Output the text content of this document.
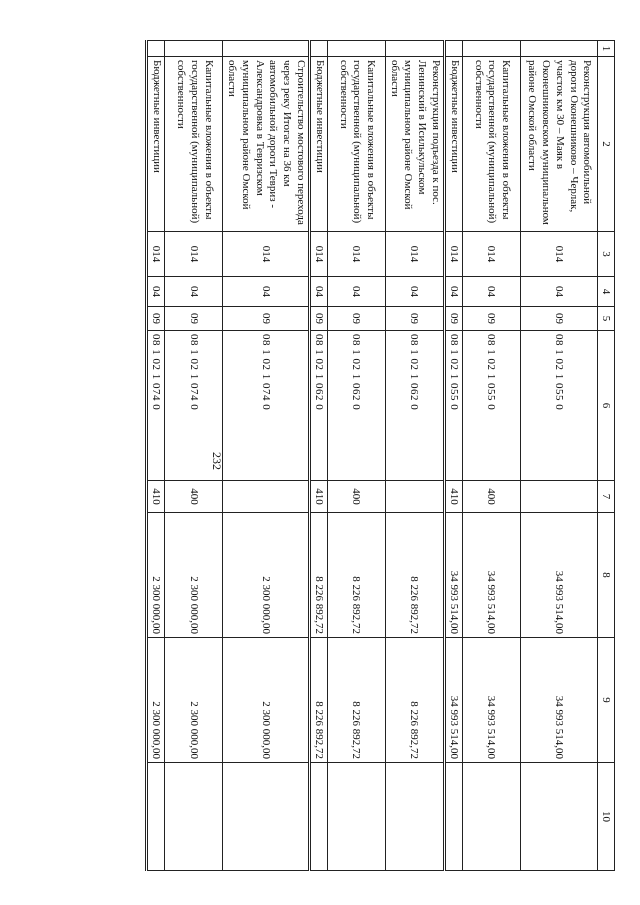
232
1	2	3	4	5	6	7	8	9	10
	Реконструкция автомобильной дороги Оконешниково – Черлак, участок км 30 – Маяк в Оконешниковском муниципальном районе Омской области	014	04	09	08 1 02 1 055 0		34 993 514,00	34 993 514,00	
	Капитальные вложения в объекты государственной (муниципальной) собственности	014	04	09	08 1 02 1 055 0	400	34 993 514,00	34 993 514,00	
	Бюджетные инвестиции	014	04	09	08 1 02 1 055 0	410	34 993 514,00	34 993 514,00	
	Реконструкция подъезда к пос. Ленинский в Исилькульском муниципальном районе Омской области	014	04	09	08 1 02 1 062 0		8 226 892,72	8 226 892,72	
	Капитальные вложения в объекты государственной (муниципальной) собственности	014	04	09	08 1 02 1 062 0	400	8 226 892,72	8 226 892,72	
	Бюджетные инвестиции	014	04	09	08 1 02 1 062 0	410	8 226 892,72	8 226 892,72	
	Строительство мостового перехода через реку Итогас на 36 км автомобильной дороги Тевриз - Александровка в Тевризском муниципальном районе Омской области	014	04	09	08 1 02 1 074 0		2 300 000,00	2 300 000,00	
	Капитальные вложения в объекты государственной (муниципальной) собственности	014	04	09	08 1 02 1 074 0	400	2 300 000,00	2 300 000,00	
	Бюджетные инвестиции	014	04	09	08 1 02 1 074 0	410	2 300 000,00	2 300 000,00	
